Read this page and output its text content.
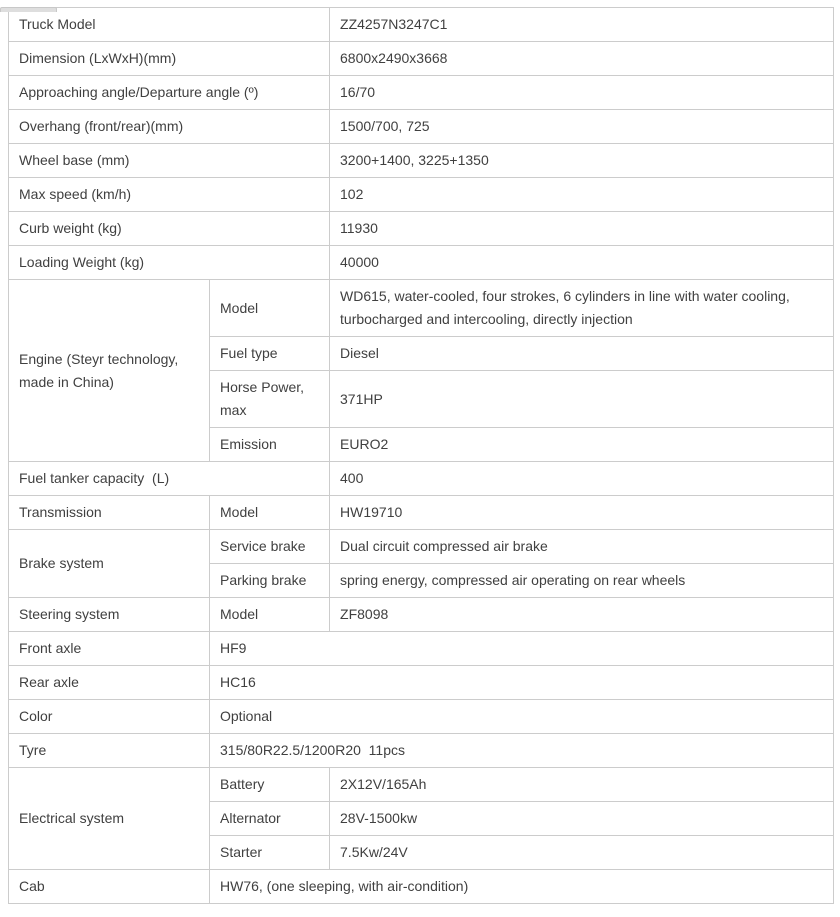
Truck Model		ZZ4257N3247C1
Dimension (LxWxH)(mm)		6800x2490x3668
Approaching angle/Departure angle (º)		16/70
Overhang (front/rear)(mm)		1500/700, 725
Wheel base (mm)		3200+1400, 3225+1350
Max speed (km/h)		102
Curb weight (kg)		11930
Loading Weight (kg)		40000
Engine (Steyr technology, made in China)	Model	WD615, water-cooled, four strokes, 6 cylinders in line with water cooling, turbocharged and intercooling, directly injection
	Fuel type	Diesel
	Horse Power, max	371HP
	Emission	EURO2
Fuel tanker capacity  (L)		400
Transmission	Model	HW19710
Brake system	Service brake	Dual circuit compressed air brake
	Parking brake	spring energy, compressed air operating on rear wheels
Steering system	Model	ZF8098
Front axle	HF9	
Rear axle	HC16	
Color	Optional	
Tyre	315/80R22.5/1200R20  11pcs	
Electrical system	Battery	2X12V/165Ah
	Alternator	28V-1500kw
	Starter	7.5Kw/24V
Cab	HW76, (one sleeping, with air-condition)	
